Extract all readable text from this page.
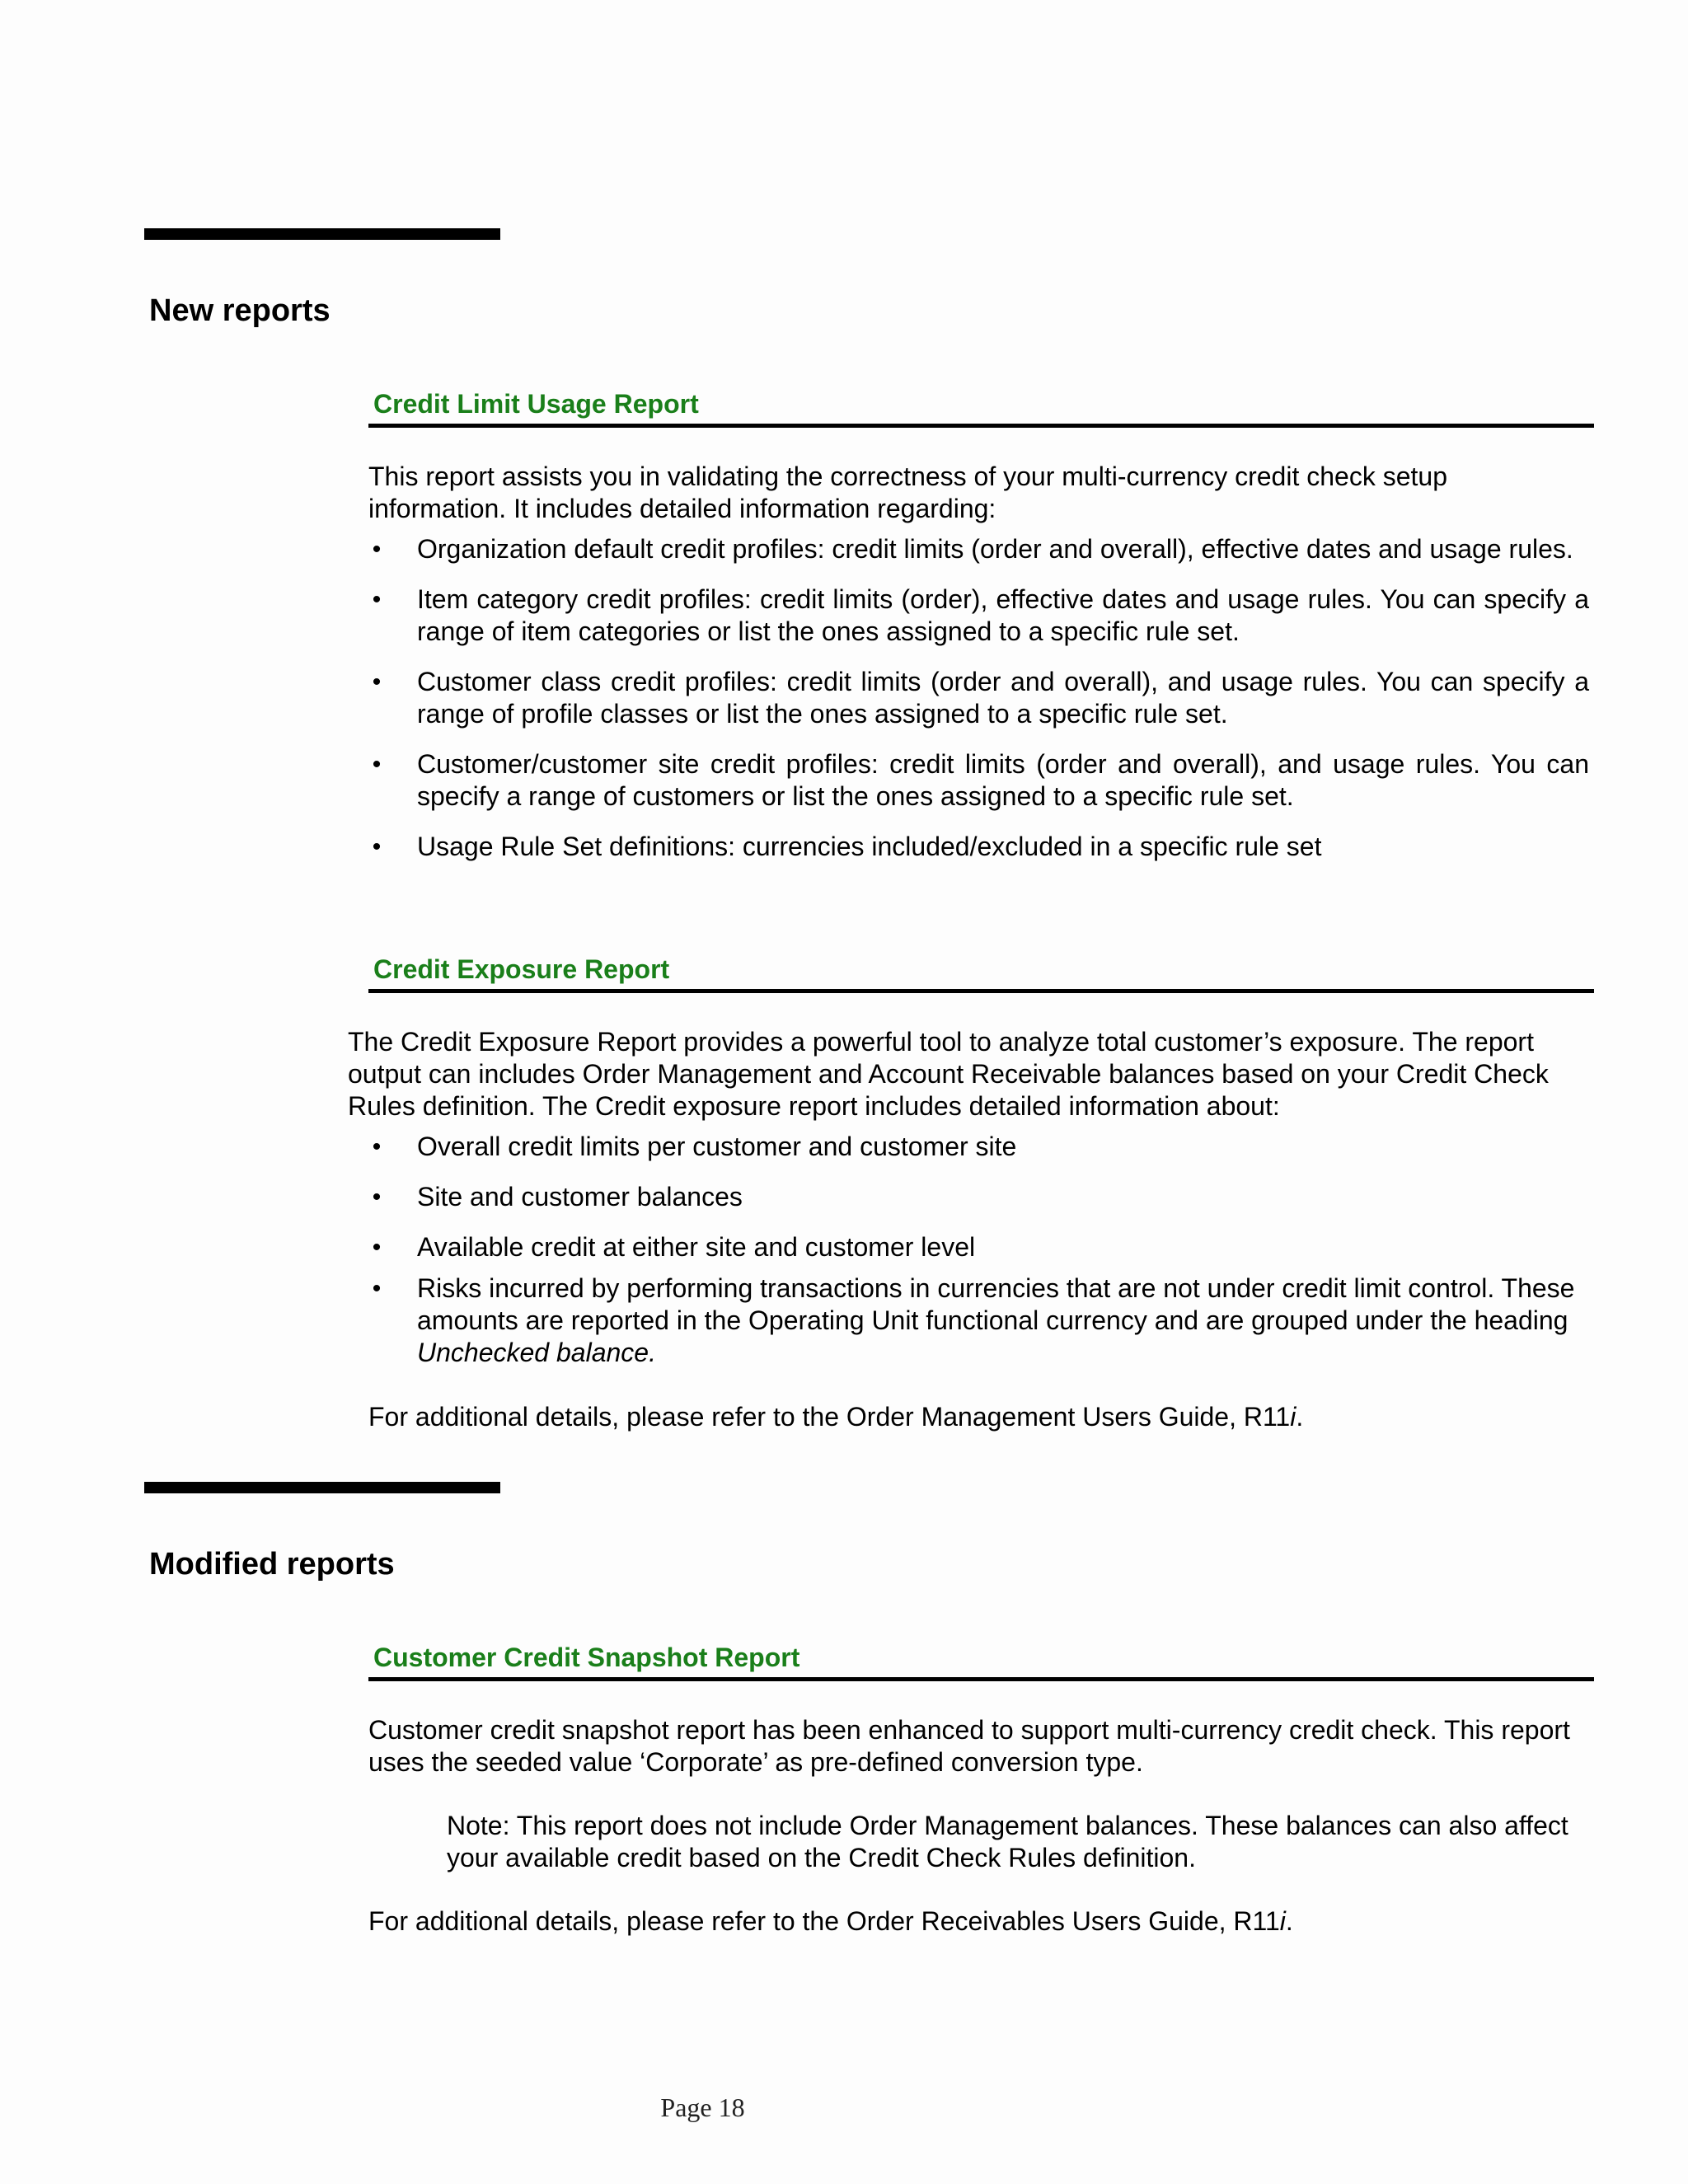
New reports
Credit Limit Usage Report

This report assists you in validating the correctness of your multi-currency credit check setup information. It includes detailed information regarding:

• Organization default credit profiles: credit limits (order and overall), effective dates and usage rules.
• Item category credit profiles: credit limits (order), effective dates and usage rules. You can specify a range of item categories or list the ones assigned to a specific rule set.
• Customer class credit profiles: credit limits (order and overall), and usage rules. You can specify a range of profile classes or list the ones assigned to a specific rule set.
• Customer/customer site credit profiles: credit limits (order and overall), and usage rules. You can specify a range of customers or list the ones assigned to a specific rule set.
• Usage Rule Set definitions: currencies included/excluded in a specific rule set
Credit Exposure Report

The Credit Exposure Report provides a powerful tool to analyze total customer’s exposure. The report output can includes Order Management and Account Receivable balances based on your Credit Check Rules definition. The Credit exposure report includes detailed information about:

• Overall credit limits per customer and customer site
• Site and customer balances
• Available credit at either site and customer level
• Risks incurred by performing transactions in currencies that are not under credit limit control. These amounts are reported in the Operating Unit functional currency and are grouped under the heading Unchecked balance.

For additional details, please refer to the Order Management Users Guide, R11i.

Modified reports
Customer Credit Snapshot Report

Customer credit snapshot report has been enhanced to support multi-currency credit check. This report uses the seeded value ‘Corporate’ as pre-defined conversion type.

Note: This report does not include Order Management balances. These balances can also affect your available credit based on the Credit Check Rules definition.

For additional details, please refer to the Order Receivables Users Guide, R11i.

Page 18
